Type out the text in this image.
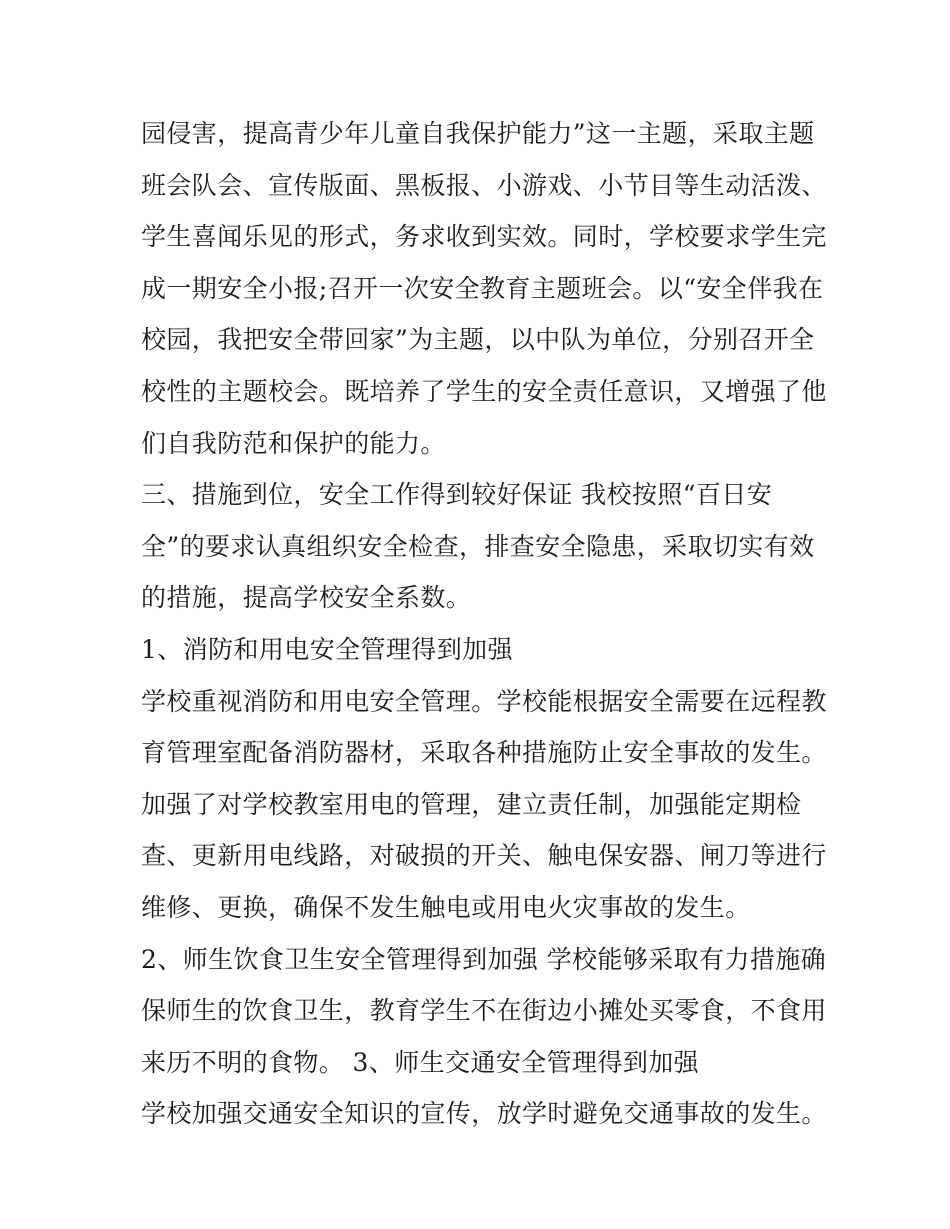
园侵害，提高青少年儿童自我保护能力”这一主题，采取主题
班会队会、宣传版面、黑板报、小游戏、小节目等生动活泼、
学生喜闻乐见的形式，务求收到实效。同时，学校要求学生完
成一期安全小报;召开一次安全教育主题班会。以“安全伴我在
校园，我把安全带回家”为主题，以中队为单位，分别召开全
校性的主题校会。既培养了学生的安全责任意识，又增强了他
们自我防范和保护的能力。
三、措施到位，安全工作得到较好保证 我校按照“百日安
全”的要求认真组织安全检查，排查安全隐患，采取切实有效
的措施，提高学校安全系数。
1、消防和用电安全管理得到加强
学校重视消防和用电安全管理。学校能根据安全需要在远程教
育管理室配备消防器材，采取各种措施防止安全事故的发生。
加强了对学校教室用电的管理，建立责任制，加强能定期检
查、更新用电线路，对破损的开关、触电保安器、闸刀等进行
维修、更换，确保不发生触电或用电火灾事故的发生。
2、师生饮食卫生安全管理得到加强 学校能够采取有力措施确
保师生的饮食卫生，教育学生不在街边小摊处买零食，不食用
来历不明的食物。 3、师生交通安全管理得到加强
学校加强交通安全知识的宣传，放学时避免交通事故的发生。
